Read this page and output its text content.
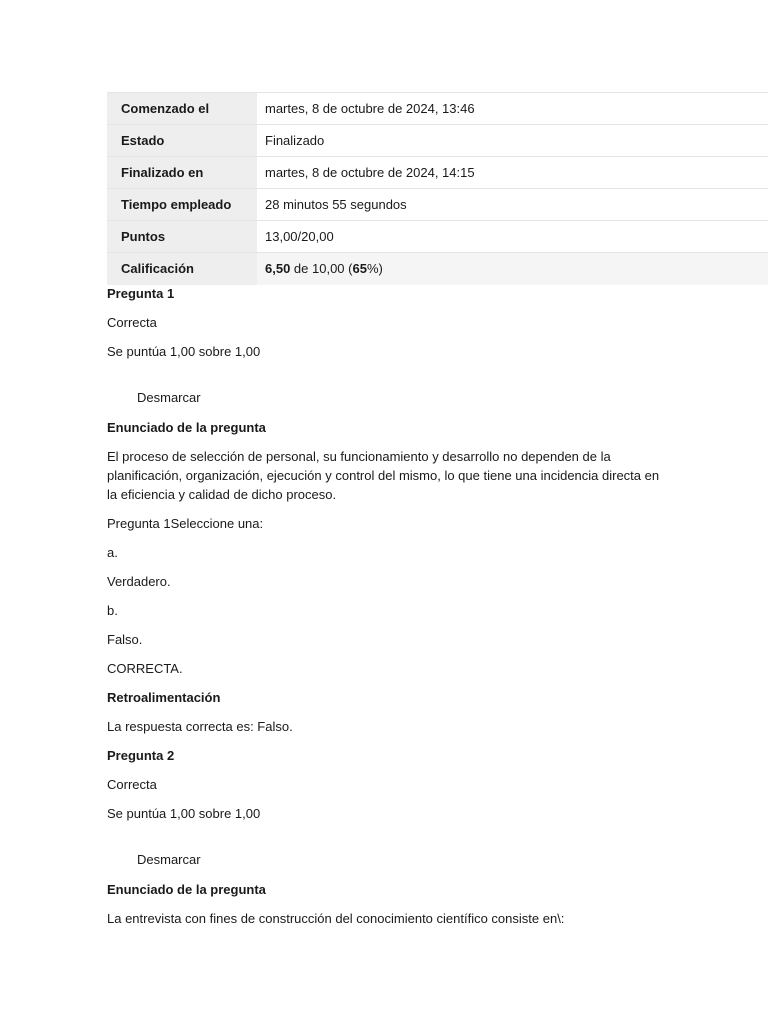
Comenzado el	martes, 8 de octubre de 2024, 13:46
Estado	Finalizado
Finalizado en	martes, 8 de octubre de 2024, 14:15
Tiempo empleado	28 minutos 55 segundos
Puntos	13,00/20,00
Calificación	6,50 de 10,00 (65%)

Pregunta 1

Correcta

Se puntúa 1,00 sobre 1,00

Desmarcar

Enunciado de la pregunta

El proceso de selección de personal, su funcionamiento y desarrollo no dependen de la planificación, organización, ejecución y control del mismo, lo que tiene una incidencia directa en la eficiencia y calidad de dicho proceso.

Pregunta 1Seleccione una:

a.

Verdadero.

b.

Falso.

CORRECTA.

Retroalimentación

La respuesta correcta es: Falso.

Pregunta 2

Correcta

Se puntúa 1,00 sobre 1,00

Desmarcar

Enunciado de la pregunta

La entrevista con fines de construcción del conocimiento científico consiste en\:
